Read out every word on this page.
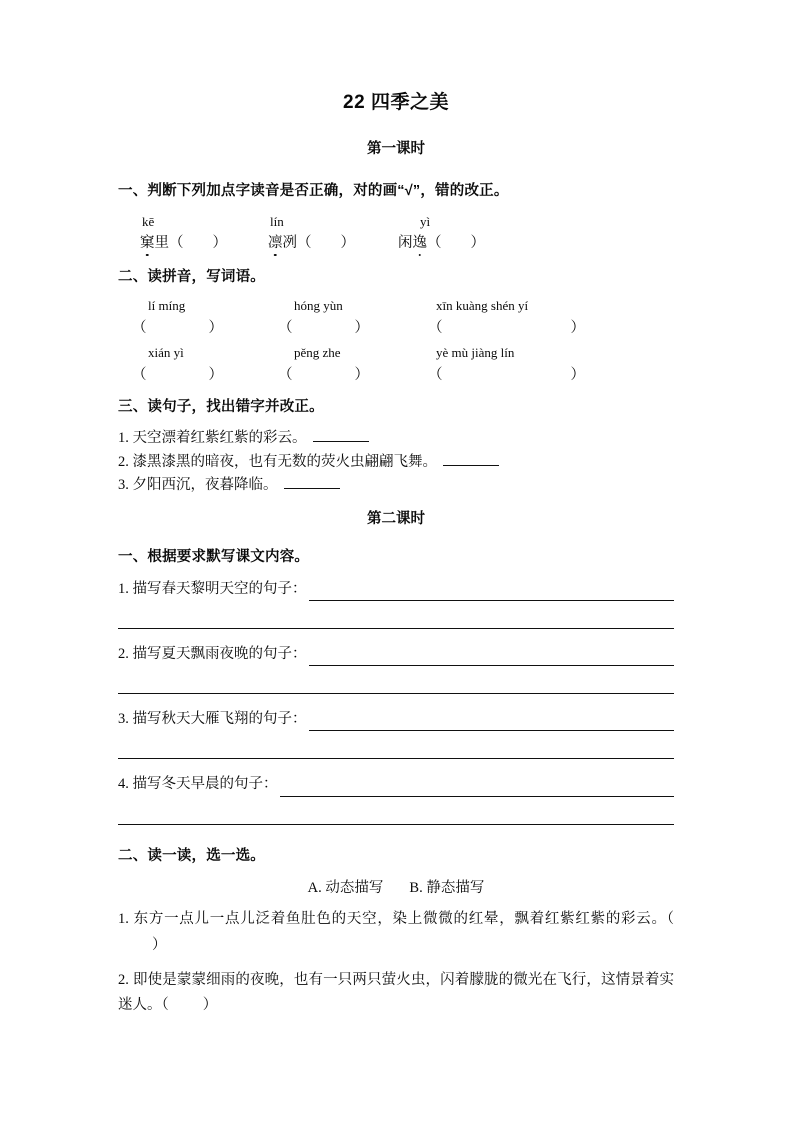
22 四季之美
第一课时
一、判断下列加点字读音是否正确，对的画“√”，错的改正。
kē
窠里（　　）
lín
凛冽（　　）
yì
闲逸（　　）
二、读拼音，写词语。
lí míng	hóng yùn	xīn kuàng shén yí
（	）	（	）	（	）
xián yì	pěng zhe	yè mù jiàng lín
（	）	（	）	（	）
三、读句子，找出错字并改正。

1. 天空漂着红紫红紫的彩云。

2. 漆黑漆黑的暗夜，也有无数的荧火虫翩翩飞舞。

3. 夕阳西沉，夜暮降临。

第二课时
一、根据要求默写课文内容。
1. 描写春天黎明天空的句子：
2. 描写夏天飘雨夜晚的句子：
3. 描写秋天大雁飞翔的句子：
4. 描写冬天早晨的句子：
二、读一读，选一选。
A. 动态描写 B. 静态描写

1. 东方一点儿一点儿泛着鱼肚色的天空，染上微微的红晕，飘着红紫红紫的彩云。（）

2. 即使是蒙蒙细雨的夜晚，也有一只两只萤火虫，闪着朦胧的微光在飞行，这情景着实迷人。（ ）
